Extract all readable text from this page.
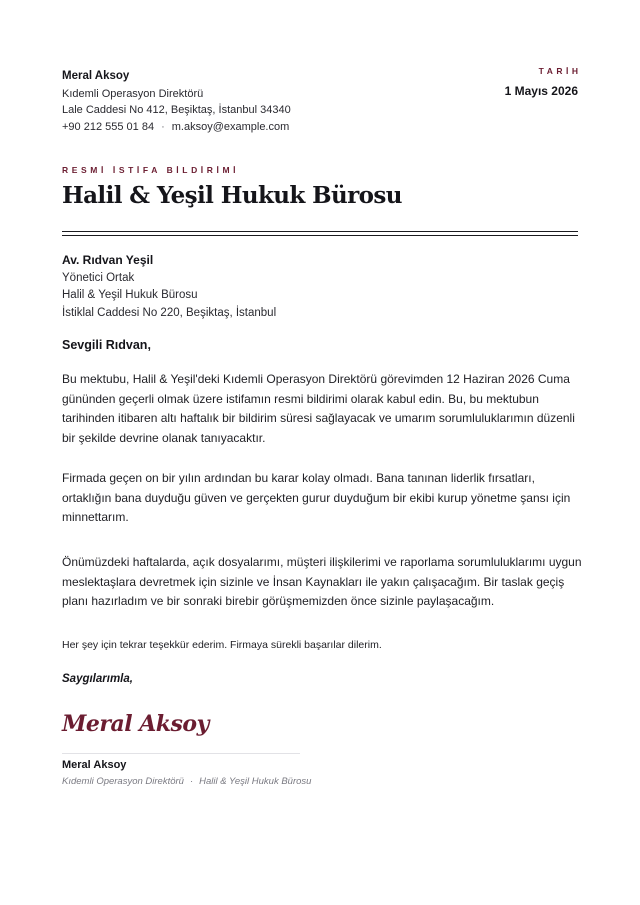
Meral Aksoy
Kıdemli Operasyon Direktörü
Lale Caddesi No 412, Beşiktaş, İstanbul 34340
+90 212 555 01 84 · m.aksoy@example.com
TARİH
1 Mayıs 2026
RESMİ İSTİFA BİLDİRİMİ
Halil & Yeşil Hukuk Bürosu
Av. Rıdvan Yeşil
Yönetici Ortak
Halil & Yeşil Hukuk Bürosu
İstiklal Caddesi No 220, Beşiktaş, İstanbul
Sevgili Rıdvan,

Bu mektubu, Halil & Yeşil'deki Kıdemli Operasyon Direktörü görevimden 12 Haziran 2026 Cuma gününden geçerli olmak üzere istifamın resmi bildirimi olarak kabul edin. Bu, bu mektubun tarihinden itibaren altı haftalık bir bildirim süresi sağlayacak ve umarım sorumluluklarımın düzenli bir şekilde devrine olanak tanıyacaktır.

Firmada geçen on bir yılın ardından bu karar kolay olmadı. Bana tanınan liderlik fırsatları, ortaklığın bana duyduğu güven ve gerçekten gurur duyduğum bir ekibi kurup yönetme şansı için minnettarım.

Önümüzdeki haftalarda, açık dosyalarımı, müşteri ilişkilerimi ve raporlama sorumluluklarımı uygun meslektaşlara devretmek için sizinle ve İnsan Kaynakları ile yakın çalışacağım. Bir taslak geçiş planı hazırladım ve bir sonraki birebir görüşmemizden önce sizinle paylaşacağım.

Her şey için tekrar teşekkür ederim. Firmaya sürekli başarılar dilerim.

Saygılarımla,
Meral Aksoy
Meral Aksoy
Kıdemli Operasyon Direktörü · Halil & Yeşil Hukuk Bürosu
